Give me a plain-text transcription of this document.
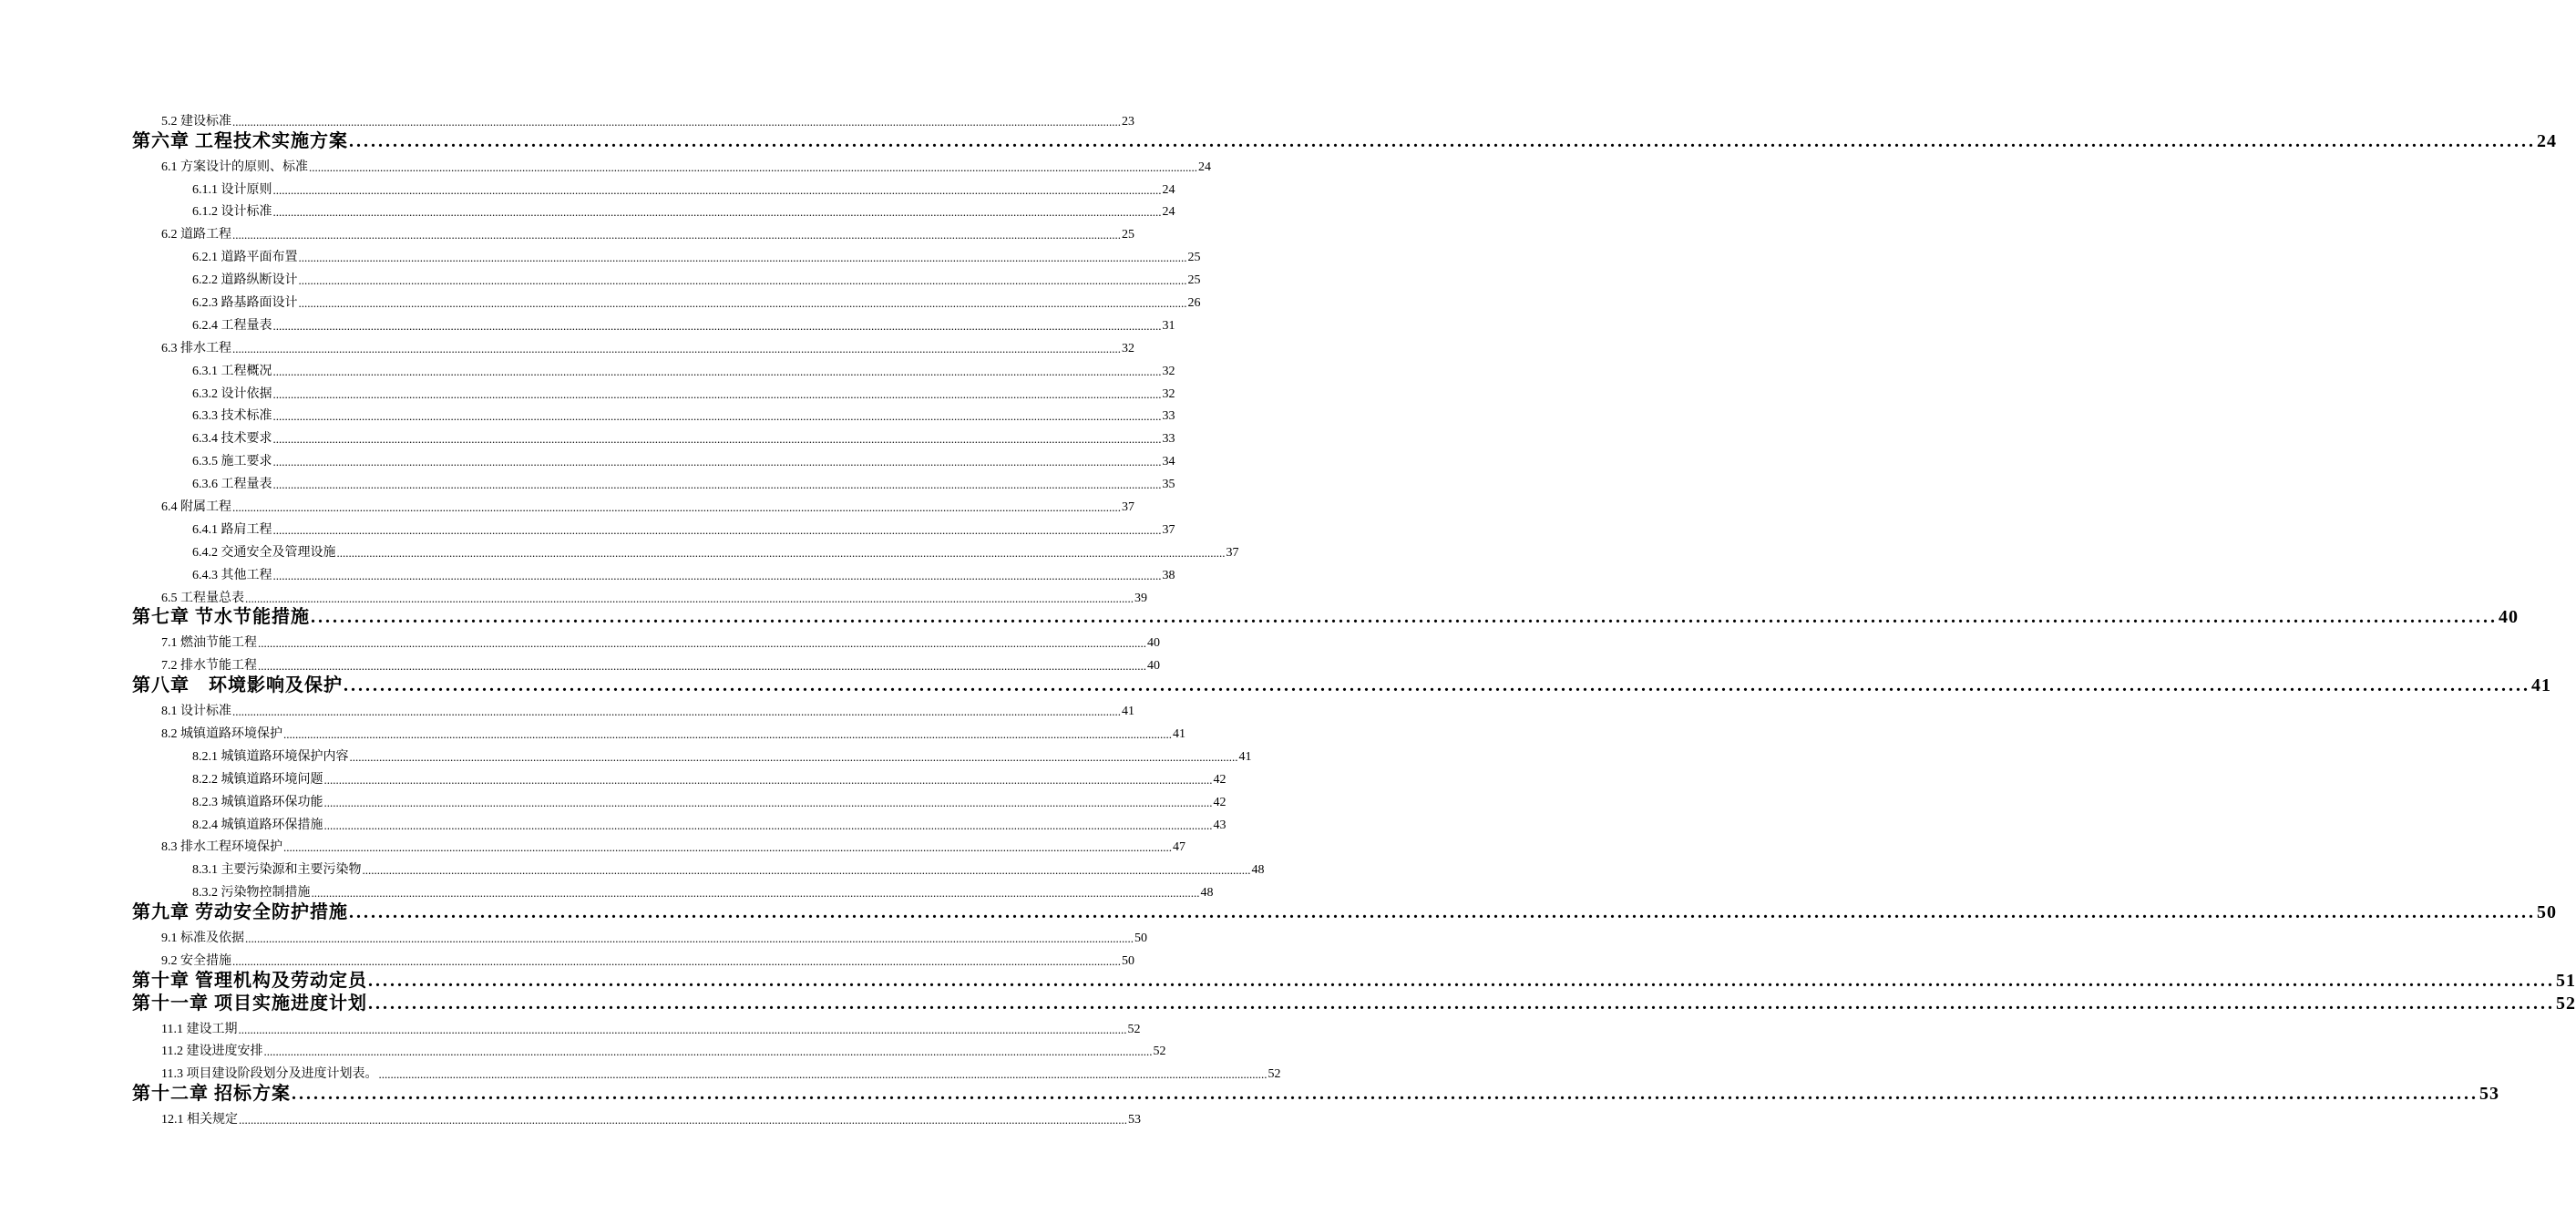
5.2 建设标准 ............................................................................................................................................................................................................................................................................................................ 23
第六章 工程技术实施方案 ............................................................................................................................................................................................................................................................................................................ 24
6.1 方案设计的原则、标准 ............................................................................................................................................................................................................................................................................................................ 24
6.1.1 设计原则 ............................................................................................................................................................................................................................................................................................................ 24
6.1.2 设计标准 ............................................................................................................................................................................................................................................................................................................ 24
6.2 道路工程 ............................................................................................................................................................................................................................................................................................................ 25
6.2.1 道路平面布置 ............................................................................................................................................................................................................................................................................................................ 25
6.2.2 道路纵断设计 ............................................................................................................................................................................................................................................................................................................ 25
6.2.3 路基路面设计 ............................................................................................................................................................................................................................................................................................................ 26
6.2.4 工程量表 ............................................................................................................................................................................................................................................................................................................ 31
6.3 排水工程 ............................................................................................................................................................................................................................................................................................................ 32
6.3.1 工程概况 ............................................................................................................................................................................................................................................................................................................ 32
6.3.2 设计依据 ............................................................................................................................................................................................................................................................................................................ 32
6.3.3 技术标准 ............................................................................................................................................................................................................................................................................................................ 33
6.3.4 技术要求 ............................................................................................................................................................................................................................................................................................................ 33
6.3.5 施工要求 ............................................................................................................................................................................................................................................................................................................ 34
6.3.6 工程量表 ............................................................................................................................................................................................................................................................................................................ 35
6.4 附属工程 ............................................................................................................................................................................................................................................................................................................ 37
6.4.1 路肩工程 ............................................................................................................................................................................................................................................................................................................ 37
6.4.2 交通安全及管理设施 ............................................................................................................................................................................................................................................................................................................ 37
6.4.3 其他工程 ............................................................................................................................................................................................................................................................................................................ 38
6.5 工程量总表 ............................................................................................................................................................................................................................................................................................................ 39
第七章 节水节能措施 ............................................................................................................................................................................................................................................................................................................ 40
7.1 燃油节能工程 ............................................................................................................................................................................................................................................................................................................ 40
7.2 排水节能工程 ............................................................................................................................................................................................................................................................................................................ 40
第八章　环境影响及保护 ............................................................................................................................................................................................................................................................................................................ 41
8.1 设计标准 ............................................................................................................................................................................................................................................................................................................ 41
8.2 城镇道路环境保护 ............................................................................................................................................................................................................................................................................................................ 41
8.2.1 城镇道路环境保护内容 ............................................................................................................................................................................................................................................................................................................ 41
8.2.2 城镇道路环境问题 ............................................................................................................................................................................................................................................................................................................ 42
8.2.3 城镇道路环保功能 ............................................................................................................................................................................................................................................................................................................ 42
8.2.4 城镇道路环保措施 ............................................................................................................................................................................................................................................................................................................ 43
8.3 排水工程环境保护 ............................................................................................................................................................................................................................................................................................................ 47
8.3.1 主要污染源和主要污染物 ............................................................................................................................................................................................................................................................................................................ 48
8.3.2 污染物控制措施 ............................................................................................................................................................................................................................................................................................................ 48
第九章 劳动安全防护措施 ............................................................................................................................................................................................................................................................................................................ 50
9.1 标准及依据 ............................................................................................................................................................................................................................................................................................................ 50
9.2 安全措施 ............................................................................................................................................................................................................................................................................................................ 50
第十章 管理机构及劳动定员 ............................................................................................................................................................................................................................................................................................................ 51
第十一章 项目实施进度计划 ............................................................................................................................................................................................................................................................................................................ 52
11.1 建设工期 ............................................................................................................................................................................................................................................................................................................ 52
11.2 建设进度安排 ............................................................................................................................................................................................................................................................................................................ 52
11.3 项目建设阶段划分及进度计划表。 ............................................................................................................................................................................................................................................................................................................ 52
第十二章 招标方案 ............................................................................................................................................................................................................................................................................................................ 53
12.1 相关规定 ............................................................................................................................................................................................................................................................................................................ 53
